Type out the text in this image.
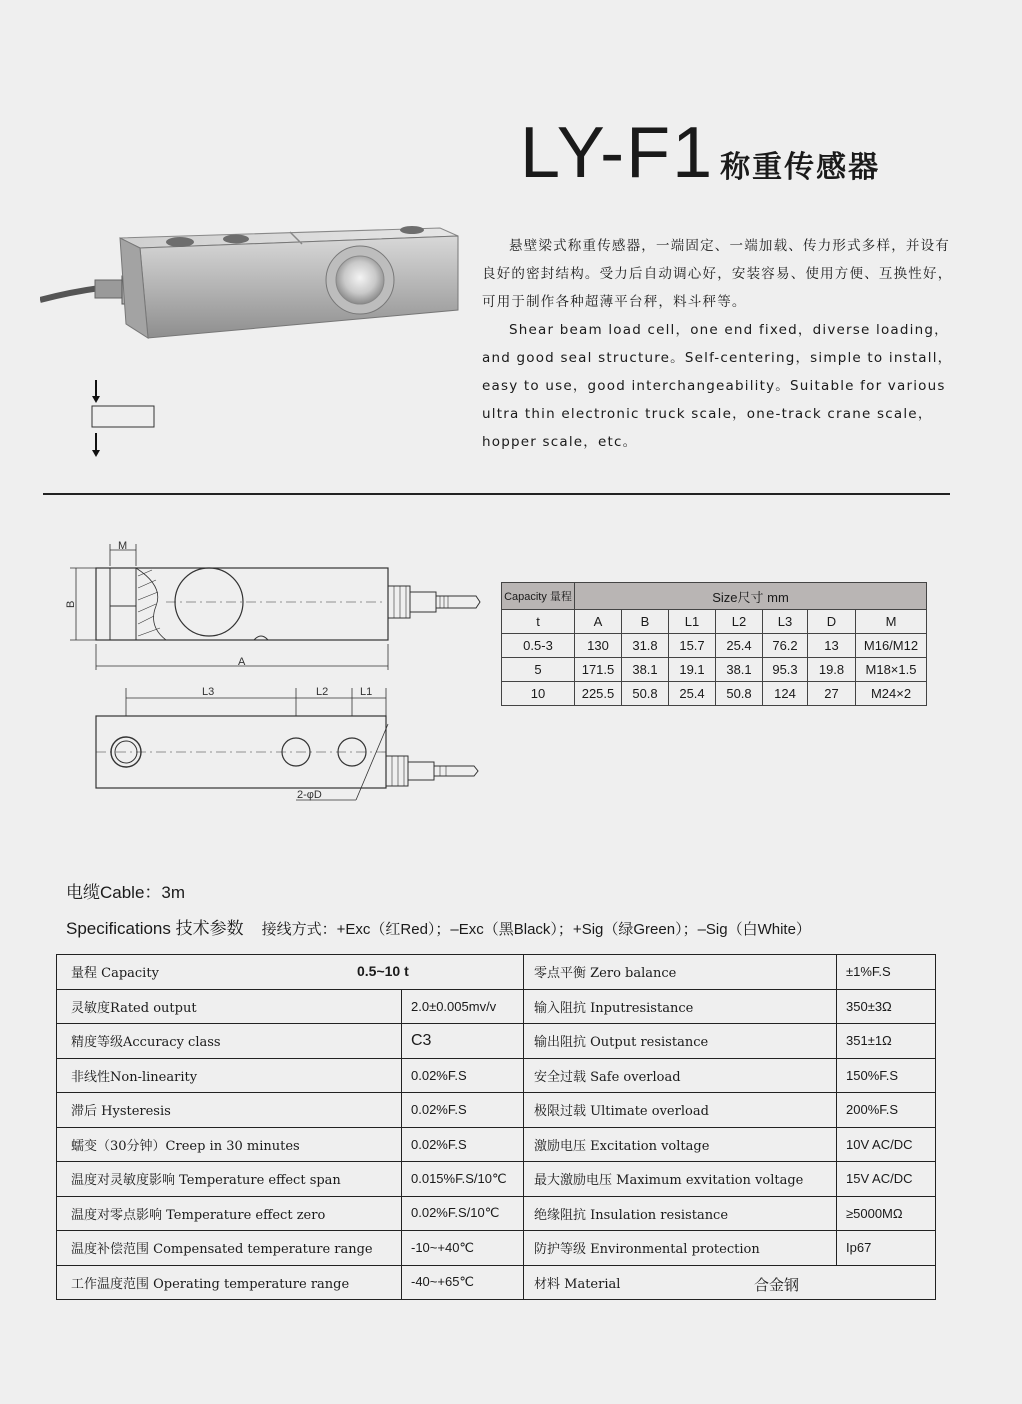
LY-F1 称重传感器

悬壁梁式称重传感器，一端固定、一端加载、传力形式多样，并设有良好的密封结构。受力后自动调心好，安装容易、使用方便、互换性好，可用于制作各种超薄平台秤，料斗秤等。

Shear beam load cell，one end fixed，diverse loading，and good seal structure。Self-centering，simple to install，easy to use，good interchangeability。Suitable for various ultra thin electronic truck scale，one-track crane scale，hopper scale，etc。

M
B
A
L3	L2	L1
2-φD
Capacity 量程	Size尺寸 mm						
t	A	B	L1	L2	L3	D	M
0.5-3	130	31.8	15.7	25.4	76.2	13	M16/M12
5	171.5	38.1	19.1	38.1	95.3	19.8	M18×1.5
10	225.5	50.8	25.4	50.8	124	27	M24×2
电缆Cable：3m
Specifications 技术参数 接线方式：+Exc（红Red）；–Exc（黑Black）；+Sig（绿Green）；–Sig（白White）
量程 Capacity 0.5~10 t		零点平衡 Zero balance	±1%F.S
灵敏度Rated output	2.0±0.005mv/v	输入阻抗 Inputresistance	350±3Ω
精度等级Accuracy class	C3	输出阻抗 Output resistance	351±1Ω
非线性Non-linearity	0.02%F.S	安全过载 Safe overload	150%F.S
滞后 Hysteresis	0.02%F.S	极限过载 Ultimate overload	200%F.S
蠕变（30分钟）Creep in 30 minutes	0.02%F.S	激励电压 Excitation voltage	10V AC/DC
温度对灵敏度影响 Temperature effect span	0.015%F.S/10℃	最大激励电压 Maximum exvitation voltage	15V AC/DC
温度对零点影响 Temperature effect zero	0.02%F.S/10℃	绝缘阻抗 Insulation resistance	≥5000MΩ
温度补偿范围 Compensated temperature range	-10~+40℃	防护等级 Environmental protection	Ip67
工作温度范围 Operating temperature range	-40~+65℃	材料 Material 合金钢	
